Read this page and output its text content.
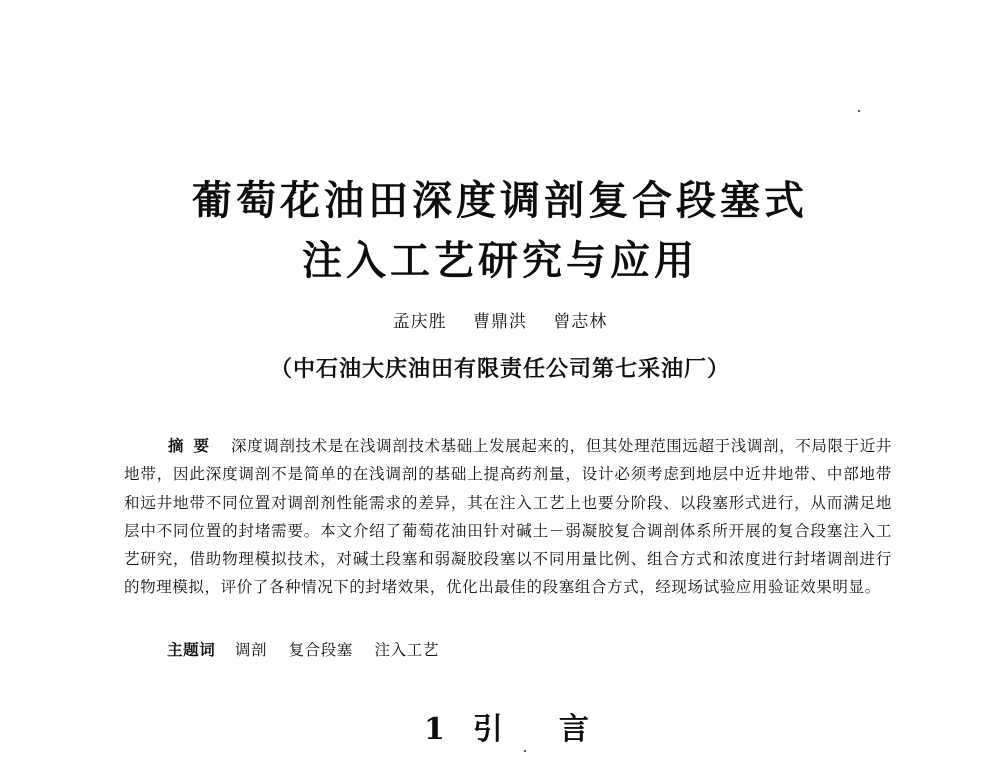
葡萄花油田深度调剖复合段塞式
注入工艺研究与应用
孟庆胜 曹鼎洪 曾志林
（中石油大庆油田有限责任公司第七采油厂）

摘要 深度调剖技术是在浅调剖技术基础上发展起来的，但其处理范围远超于浅调剖，不局限于近井地带，因此深度调剖不是简单的在浅调剖的基础上提高药剂量，设计必须考虑到地层中近井地带、中部地带和远井地带不同位置对调剖剂性能需求的差异，其在注入工艺上也要分阶段、以段塞形式进行，从而满足地层中不同位置的封堵需要。本文介绍了葡萄花油田针对碱土－弱凝胶复合调剖体系所开展的复合段塞注入工艺研究，借助物理模拟技术，对碱土段塞和弱凝胶段塞以不同用量比例、组合方式和浓度进行封堵调剖进行的物理模拟，评价了各种情况下的封堵效果，优化出最佳的段塞组合方式，经现场试验应用验证效果明显。

主题词 调剖 复合段塞 注入工艺
1 引 言
